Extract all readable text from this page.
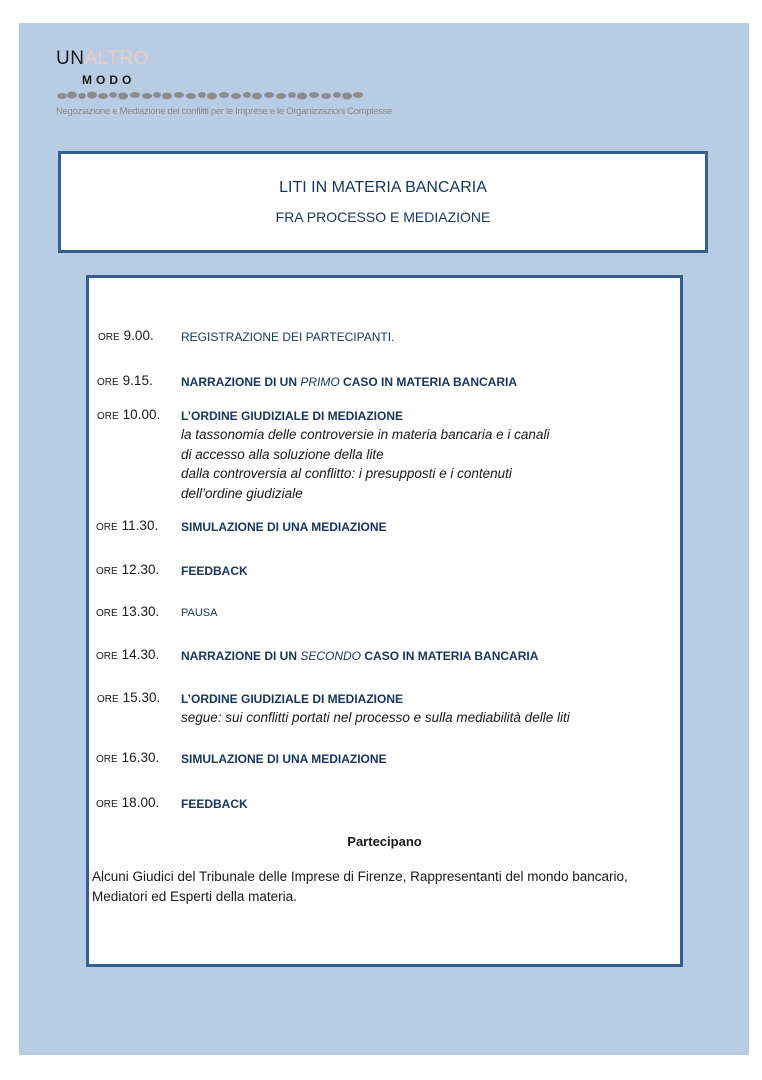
UNALTRO
MODO
Negoziazione e Mediazione dei conflitti per le Imprese e le Organizzazioni Complesse
LITI IN MATERIA BANCARIA
FRA PROCESSO E MEDIAZIONE
ORE 9.00. REGISTRAZIONE DEI PARTECIPANTI.
ORE 9.15. NARRAZIONE DI UN PRIMO CASO IN MATERIA BANCARIA
ORE 10.00. L’ORDINE GIUDIZIALE DI MEDIAZIONE
la tassonomia delle controversie in materia bancaria e i canali
di accesso alla soluzione della lite
dalla controversia al conflitto: i presupposti e i contenuti
dell’ordine giudiziale
ORE 11.30. SIMULAZIONE DI UNA MEDIAZIONE
ORE 12.30. FEEDBACK
ORE 13.30. PAUSA
ORE 14.30. NARRAZIONE DI UN SECONDO CASO IN MATERIA BANCARIA
ORE 15.30. L’ORDINE GIUDIZIALE DI MEDIAZIONE
segue: sui conflitti portati nel processo e sulla mediabilità delle liti
ORE 16.30. SIMULAZIONE DI UNA MEDIAZIONE
ORE 18.00. FEEDBACK
Partecipano
Alcuni Giudici del Tribunale delle Imprese di Firenze, Rappresentanti del mondo bancario,
Mediatori ed Esperti della materia.
